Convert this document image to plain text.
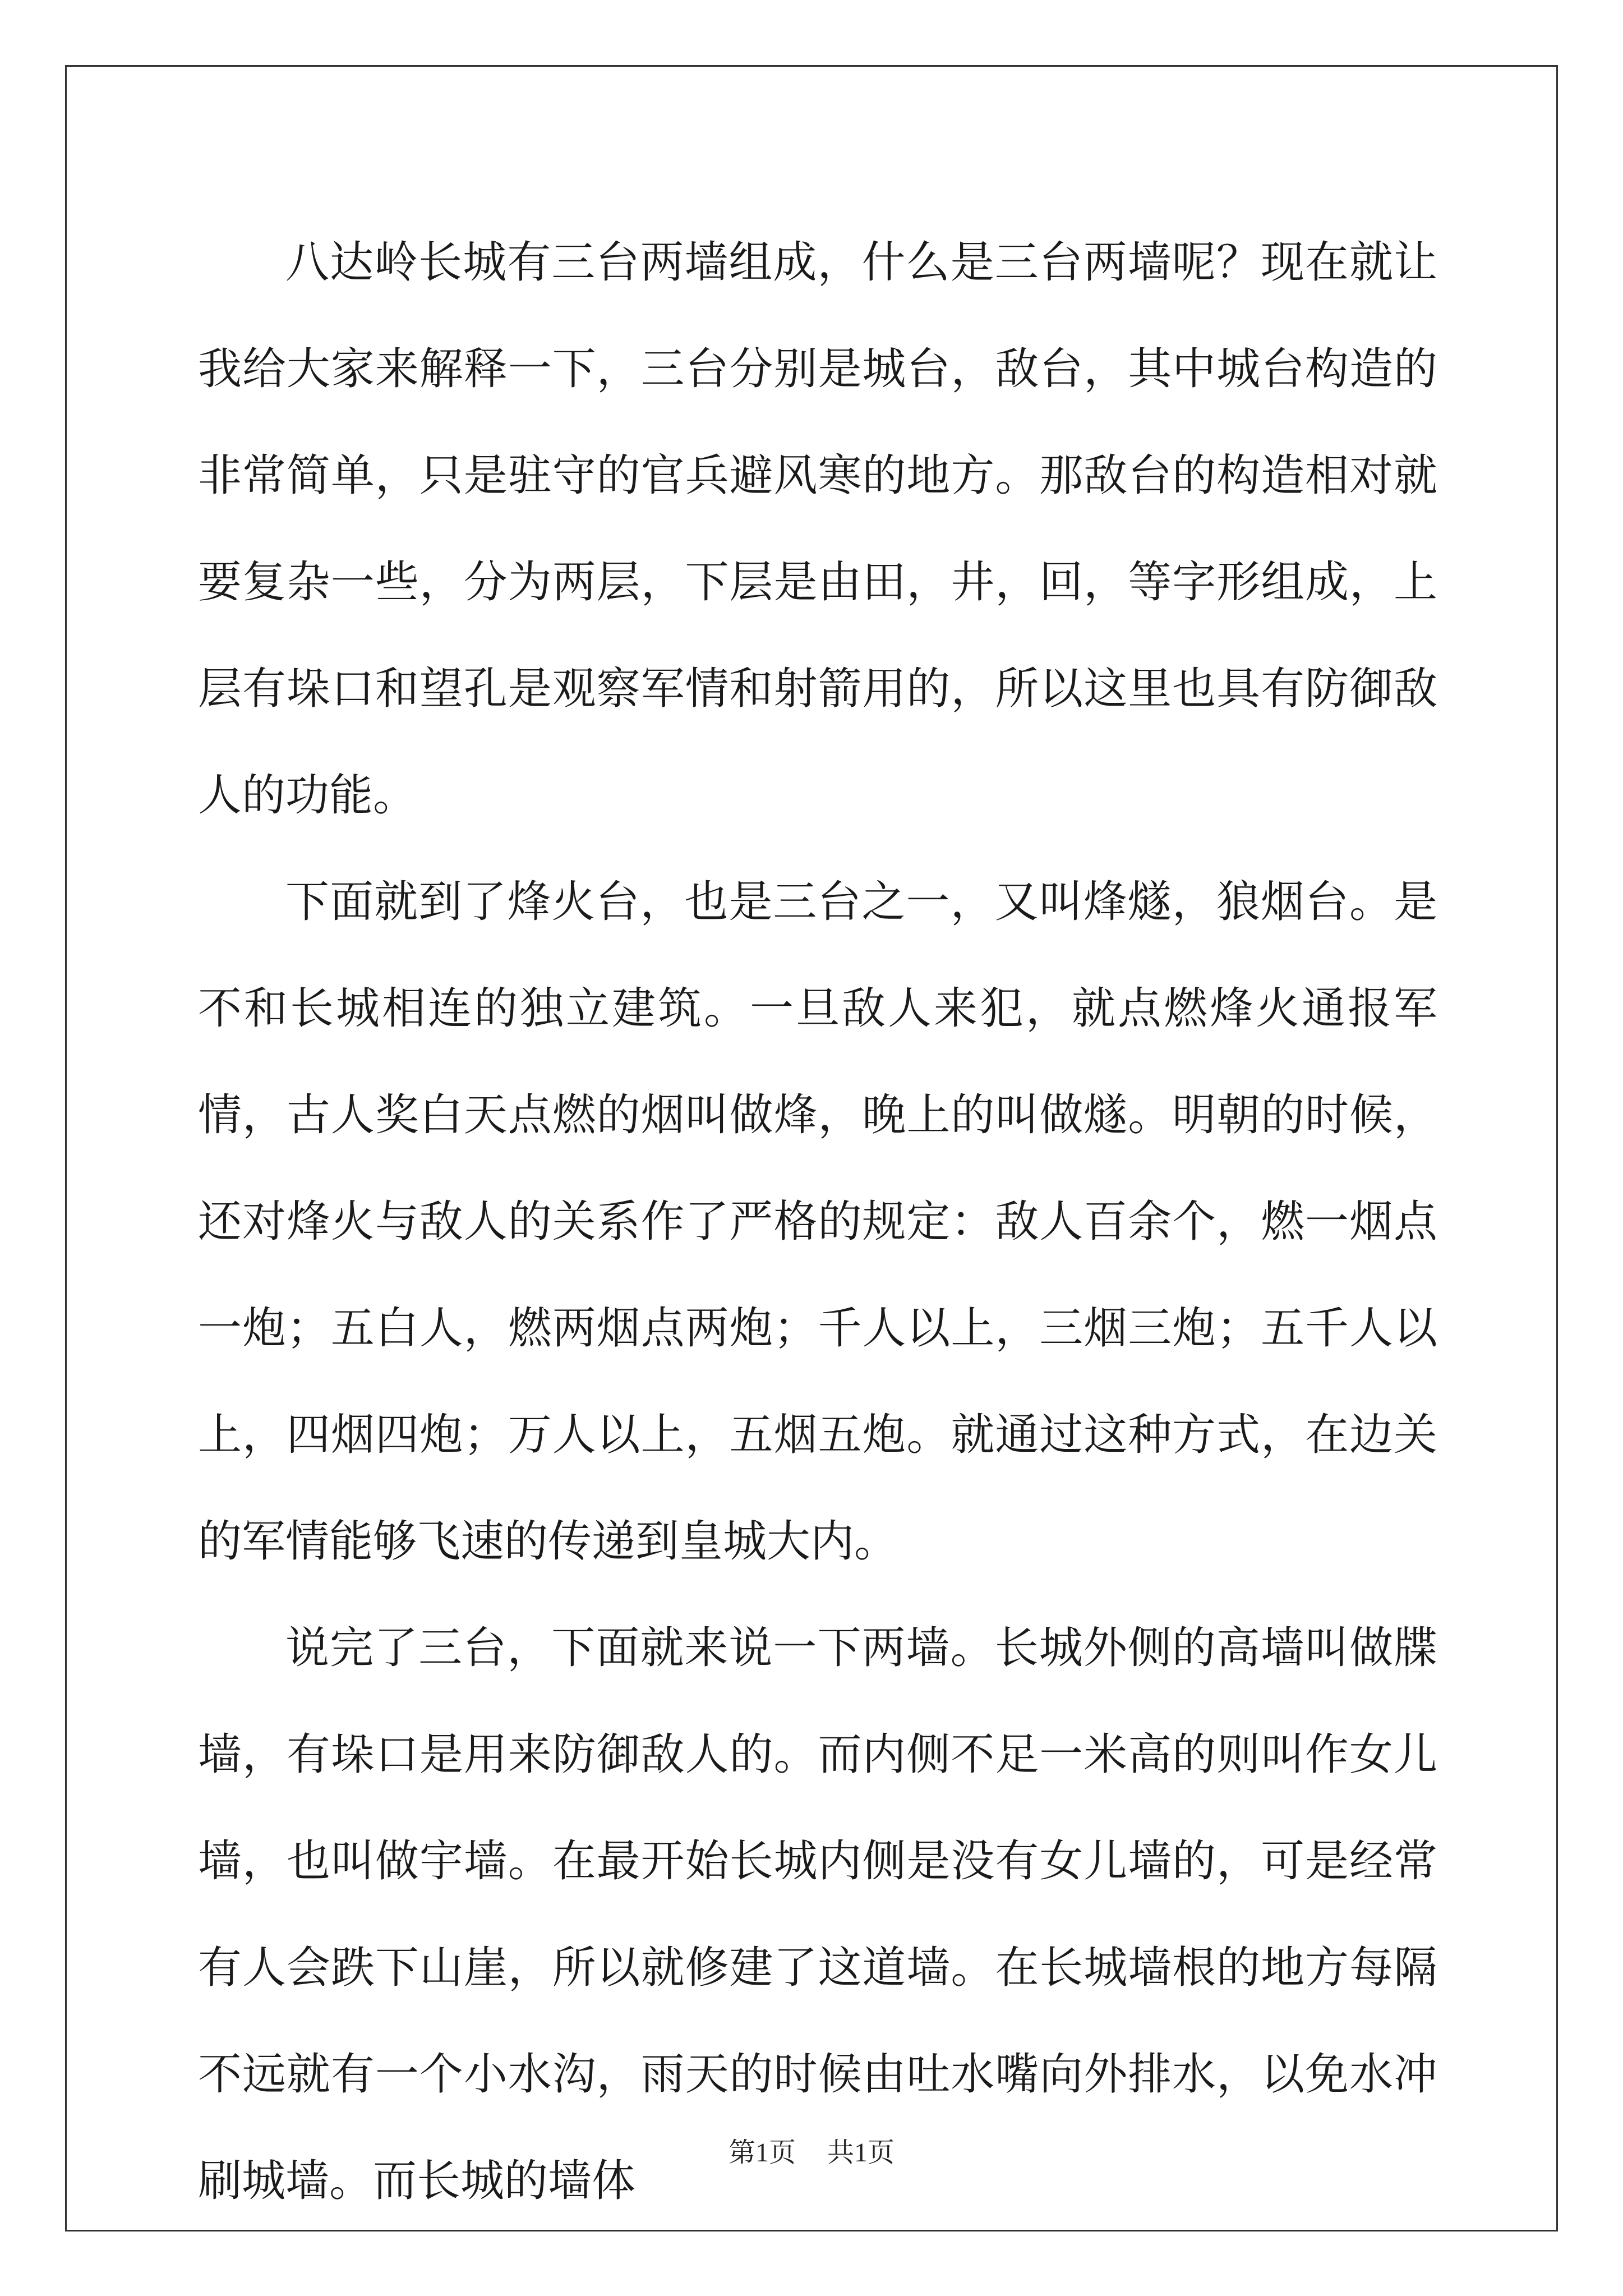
八达岭长城有三台两墙组成，什么是三台两墙呢？现在就让我给大家来解释一下，三台分别是城台，敌台，其中城台构造的非常简单，只是驻守的官兵避风寒的地方。那敌台的构造相对就要复杂一些，分为两层，下层是由田，井，回，等字形组成，上层有垛口和望孔是观察军情和射箭用的，所以这里也具有防御敌人的功能。

下面就到了烽火台，也是三台之一，又叫烽燧，狼烟台。是不和长城相连的独立建筑。一旦敌人来犯，就点燃烽火通报军情，古人奖白天点燃的烟叫做烽，晚上的叫做燧。明朝的时候，还对烽火与敌人的关系作了严格的规定：敌人百余个，燃一烟点一炮；五白人，燃两烟点两炮；千人以上，三烟三炮；五千人以上，四烟四炮；万人以上，五烟五炮。就通过这种方式，在边关的军情能够飞速的传递到皇城大内。

说完了三台，下面就来说一下两墙。长城外侧的高墙叫做牒墙，有垛口是用来防御敌人的。而内侧不足一米高的则叫作女儿墙，也叫做宇墙。在最开始长城内侧是没有女儿墙的，可是经常有人会跌下山崖，所以就修建了这道墙。在长城墙根的地方每隔不远就有一个小水沟，雨天的时候由吐水嘴向外排水，以免水冲刷城墙。而长城的墙体

第1页 共1页
